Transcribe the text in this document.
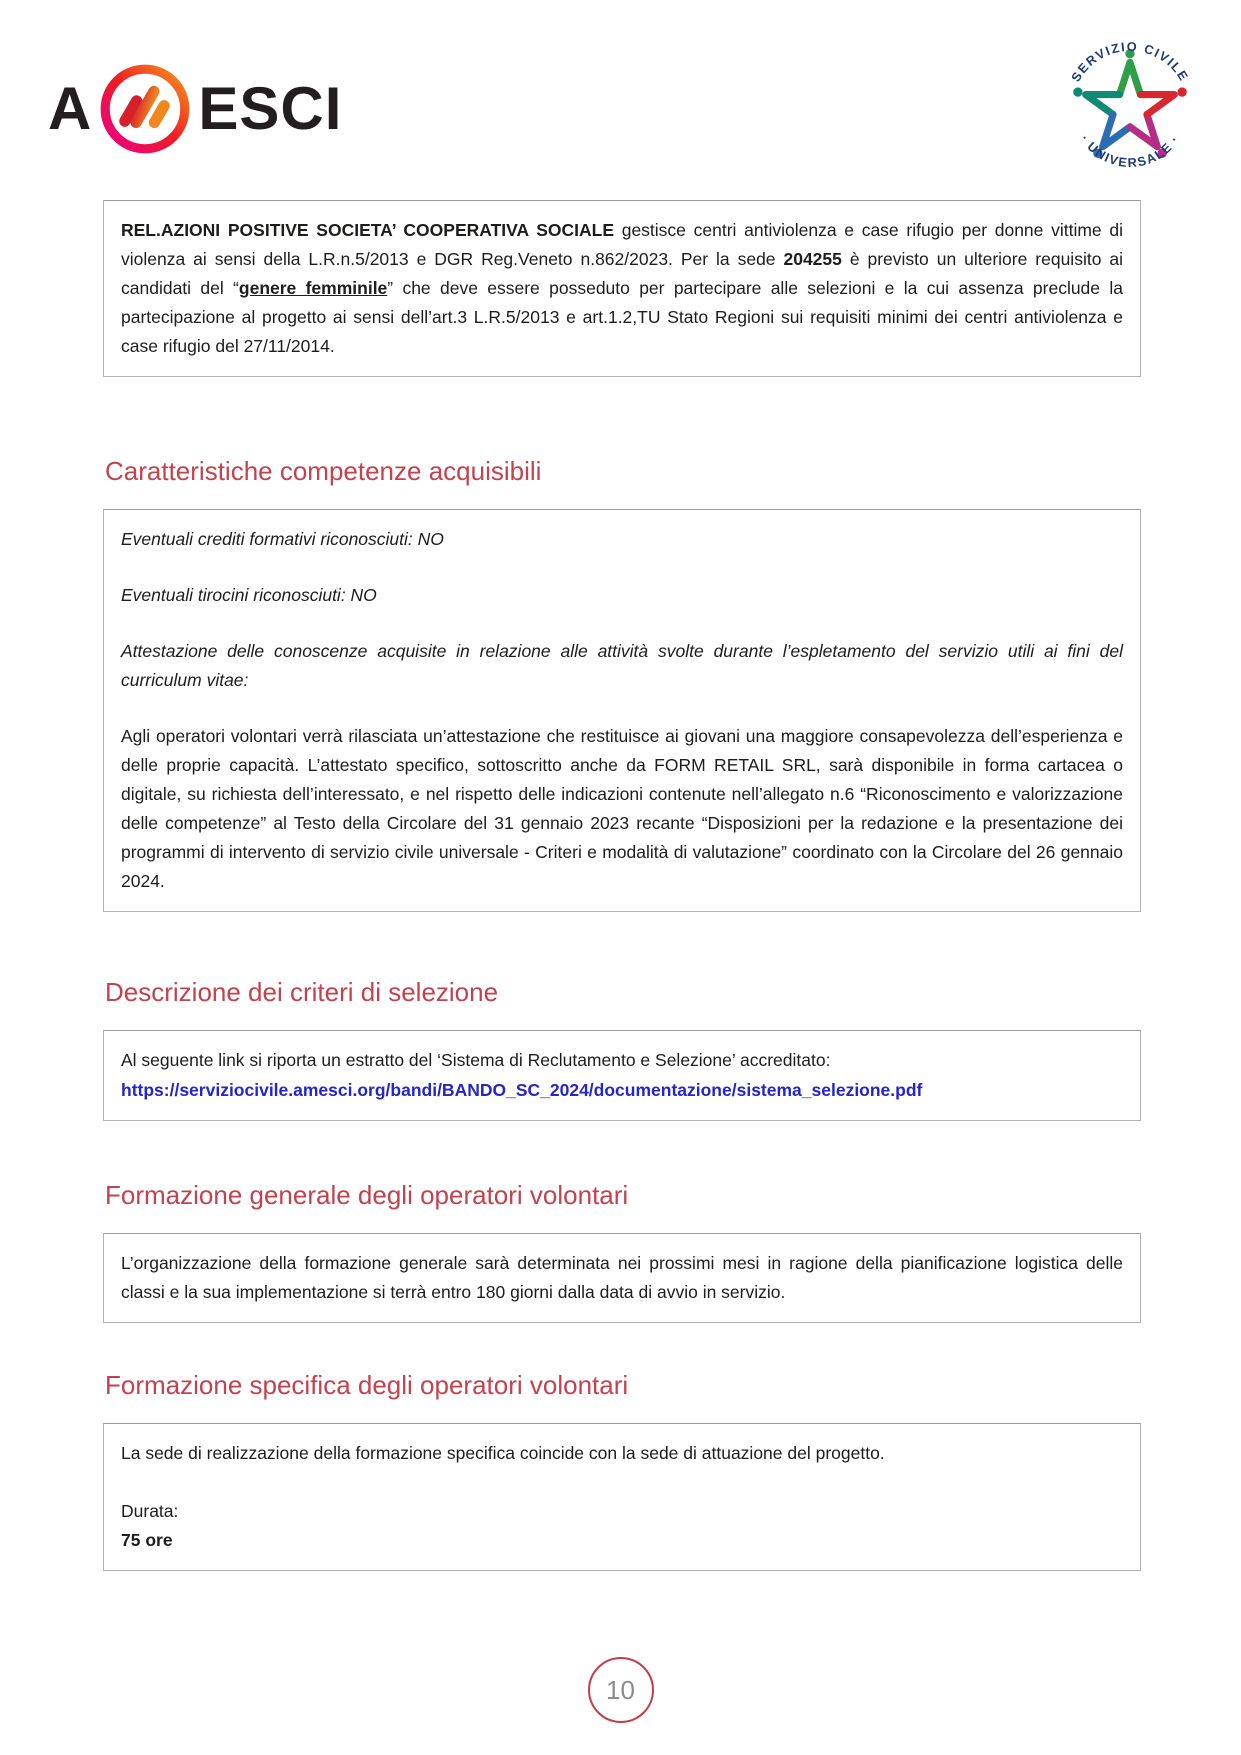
A ESCI	SERVIZIO CIVILE
· UNIVERSALE ·

REL.AZIONI POSITIVE SOCIETA’ COOPERATIVA SOCIALE gestisce centri antiviolenza e case rifugio per donne vittime di violenza ai sensi della L.R.n.5/2013 e DGR Reg.Veneto n.862/2023. Per la sede 204255 è previsto un ulteriore requisito ai candidati del “genere femminile” che deve essere posseduto per partecipare alle selezioni e la cui assenza preclude la partecipazione al progetto ai sensi dell’art.3 L.R.5/2013 e art.1.2,TU Stato Regioni sui requisiti minimi dei centri antiviolenza e case rifugio del 27/11/2014.

Caratteristiche competenze acquisibili

Eventuali crediti formativi riconosciuti: NO

Eventuali tirocini riconosciuti: NO

Attestazione delle conoscenze acquisite in relazione alle attività svolte durante l’espletamento del servizio utili ai fini del curriculum vitae:

Agli operatori volontari verrà rilasciata un’attestazione che restituisce ai giovani una maggiore consapevolezza dell’esperienza e delle proprie capacità. L’attestato specifico, sottoscritto anche da FORM RETAIL SRL, sarà disponibile in forma cartacea o digitale, su richiesta dell’interessato, e nel rispetto delle indicazioni contenute nell’allegato n.6 “Riconoscimento e valorizzazione delle competenze” al Testo della Circolare del 31 gennaio 2023 recante “Disposizioni per la redazione e la presentazione dei programmi di intervento di servizio civile universale - Criteri e modalità di valutazione” coordinato con la Circolare del 26 gennaio 2024.

Descrizione dei criteri di selezione

Al seguente link si riporta un estratto del ‘Sistema di Reclutamento e Selezione’ accreditato:

https://serviziocivile.amesci.org/bandi/BANDO_SC_2024/documentazione/sistema_selezione.pdf
Formazione generale degli operatori volontari

L’organizzazione della formazione generale sarà determinata nei prossimi mesi in ragione della pianificazione logistica delle classi e la sua implementazione si terrà entro 180 giorni dalla data di avvio in servizio.

Formazione specifica degli operatori volontari

La sede di realizzazione della formazione specifica coincide con la sede di attuazione del progetto.

Durata:

75 ore

10
